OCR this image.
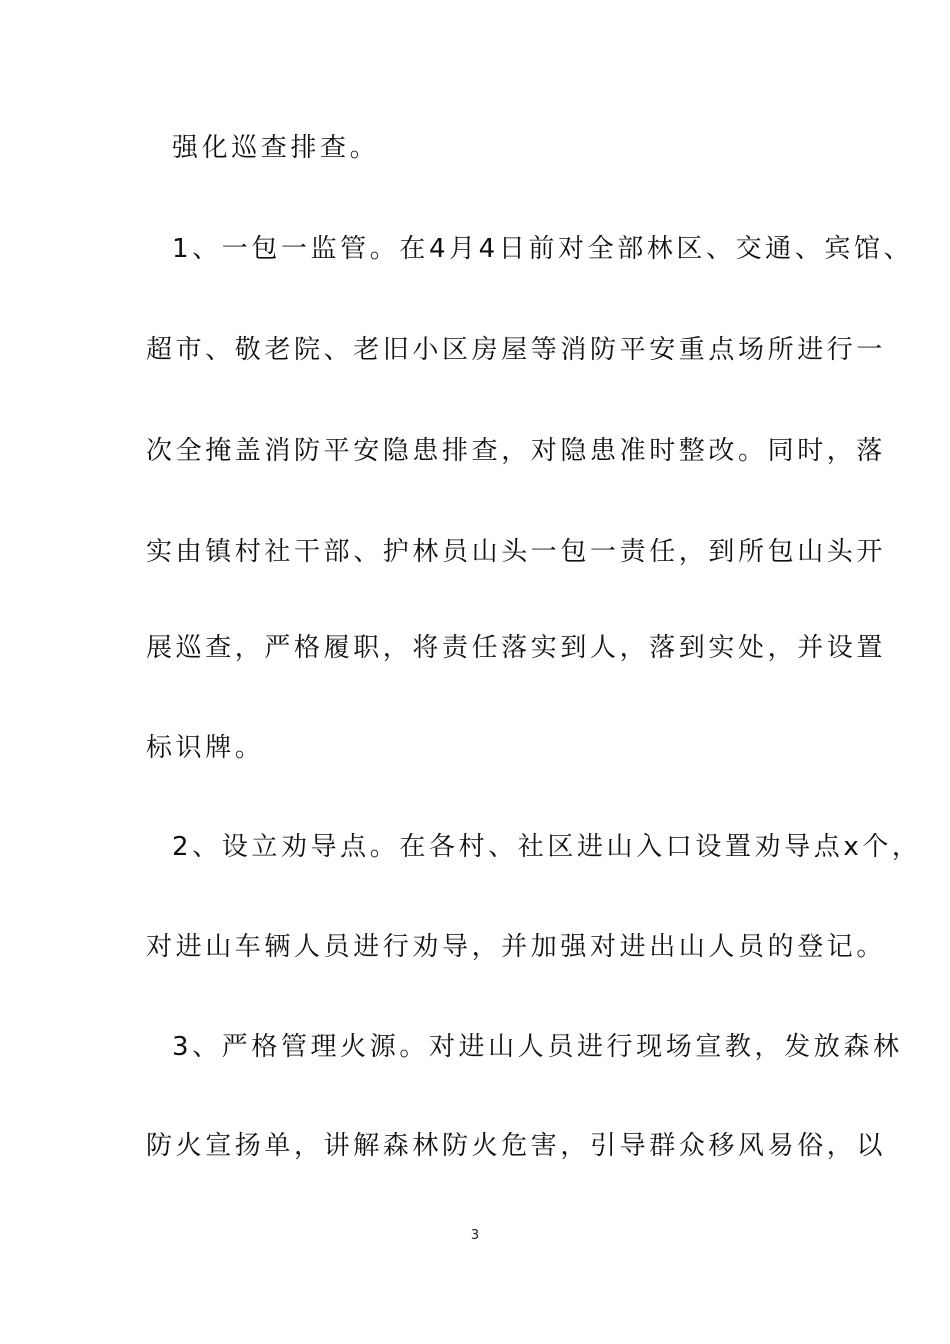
强化巡查排查。
1、一包一监管。在4月4日前对全部林区、交通、宾馆、
超市、敬老院、老旧小区房屋等消防平安重点场所进行一
次全掩盖消防平安隐患排查，对隐患准时整改。同时，落
实由镇村社干部、护林员山头一包一责任，到所包山头开
展巡查，严格履职，将责任落实到人，落到实处，并设置
标识牌。
2、设立劝导点。在各村、社区进山入口设置劝导点x个，
对进山车辆人员进行劝导，并加强对进出山人员的登记。
3、严格管理火源。对进山人员进行现场宣教，发放森林
防火宣扬单，讲解森林防火危害，引导群众移风易俗，以
3
